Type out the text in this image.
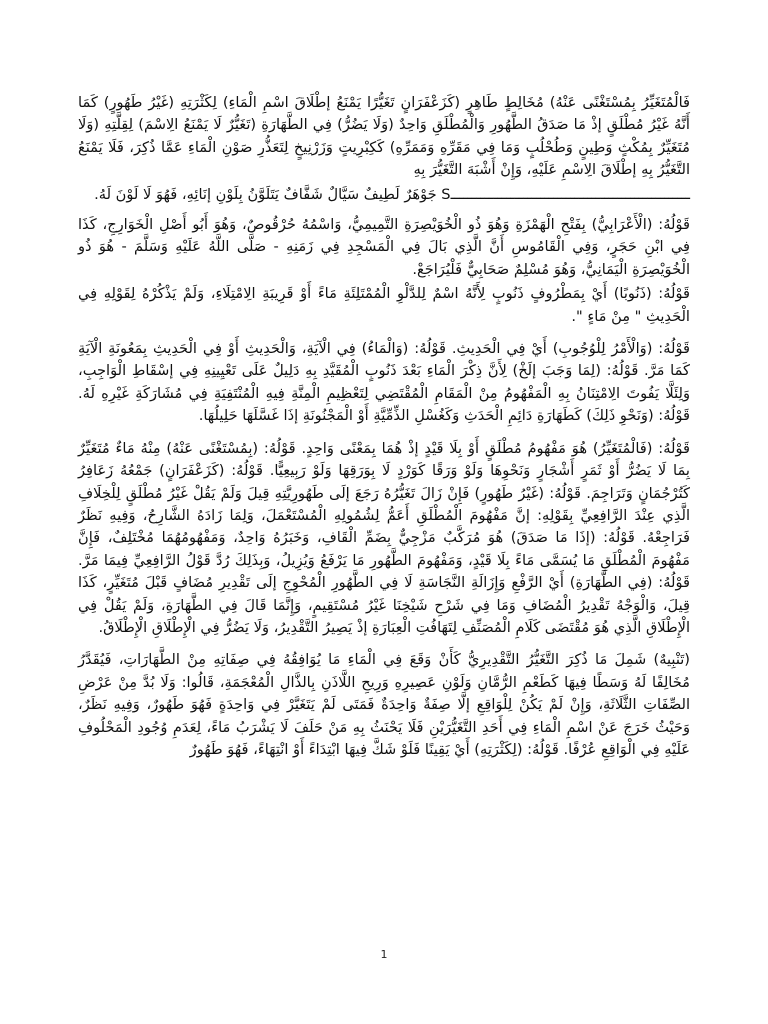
فَالْمُتَغَيِّرُ بِمُسْتَغْنًى عَنْهُ) مُخَالِطٍ طَاهِرٍ (كَزَعْفَرَانٍ تَغَيُّرًا يَمْنَعُ إطْلَاقَ اسْمِ الْمَاءِ) لِكَثْرَتِهِ (غَيْرُ طَهُورٍ) كَمَا أَنَّهُ غَيْرُ مُطْلَقٍ إذْ مَا صَدَقُ الطَّهُورِ وَالْمُطْلَقِ وَاحِدٌ (وَلَا يَضُرُّ) فِي الطَّهَارَةِ (تَغَيُّرٌ لَا يَمْنَعُ الِاسْمَ) لِقِلَّتِهِ (وَلَا مُتَغَيِّرٌ بِمُكْثٍ وَطِينٍ وَطُحْلُبٍ وَمَا فِي مَقَرِّهِ وَمَمَرِّهِ) كَكِبْرِيتٍ وَزَرْنِيخٍ لِتَعَذُّرِ صَوْنِ الْمَاءِ عَمَّا ذُكِرَ، فَلَا يَمْنَعُ التَّغَيُّرُ بِهِ إطْلَاقَ الِاسْمِ عَلَيْهِ، وَإِنْ أَشْبَهَ التَّغَيُّرَ بِهِ

ــــــــــــــــــــــــــــــــــــــــــــــــــــــــS جَوْهَرٌ لَطِيفٌ سَيَّالٌ شَفَّافٌ يَتَلَوَّنُ بِلَوْنِ إنَائِهِ، فَهُوَ لَا لَوْنَ لَهُ.

قَوْلُهُ: (الْأَعْرَابِيُّ) بِفَتْحِ الْهَمْزَةِ وَهُوَ ذُو الْخُوَيْصِرَةِ التَّمِيمِيُّ، وَاسْمُهُ حُرْقُوصٌ، وَهُوَ أَبُو أَصْلِ الْخَوَارِجِ، كَذَا فِي ابْنِ حَجَرٍ، وَفِي الْقَامُوسِ أَنَّ الَّذِي بَالَ فِي الْمَسْجِدِ فِي زَمَنِهِ - صَلَّى اللَّهُ عَلَيْهِ وَسَلَّمَ - هُوَ ذُو الْخُوَيْصِرَةِ الْيَمَانِيُّ، وَهُوَ مُسْلِمٌ صَحَابِيٌّ فَلْيُرَاجَعْ.

قَوْلُهُ: (ذَنُوبًا) أَيْ بِمَطْرُوفٍ ذَنُوبٍ لِأَنَّهُ اسْمٌ لِلدَّلْوِ الْمُمْتَلِئَةِ مَاءً أَوْ قَرِيبَةِ الِامْتِلَاءِ، وَلَمْ يَذْكُرْهُ لِقَوْلِهِ فِي الْحَدِيثِ " مِنْ مَاءٍ ".

قَوْلُهُ: (وَالْأَمْرُ لِلْوُجُوبِ) أَيْ فِي الْحَدِيثِ. قَوْلُهُ: (وَالْمَاءُ) فِي الْآيَةِ، وَالْحَدِيثِ أَوْ فِي الْحَدِيثِ بِمَعُونَةِ الْآيَةِ كَمَا مَرَّ. قَوْلُهُ: (لِمَا وَجَبَ إلَخْ) لِأَنَّ ذِكْرَ الْمَاءِ بَعْدَ ذَنُوبٍ الْمُقَيَّدِ بِهِ دَلِيلٌ عَلَى تَعْيِينِهِ فِي إسْقَاطِ الْوَاجِبِ، وَلِئَلَّا يَفُوتَ الِامْتِنَانُ بِهِ الْمَفْهُومُ مِنْ الْمَقَامِ الْمُقْتَضِي لِتَعْظِيمِ الْمِنَّةِ فِيهِ الْمُنْتَفِيَةِ فِي مُشَارَكَةِ غَيْرِهِ لَهُ. قَوْلُهُ: (وَنَحْوِ ذَلِكَ) كَطَهَارَةِ دَائِمِ الْحَدَثِ وَكَغُسْلِ الذِّمِّيَّةِ أَوْ الْمَجْنُونَةِ إذَا غَسَّلَهَا حَلِيلُهَا.

قَوْلُهُ: (فَالْمُتَغَيِّرُ) هُوَ مَفْهُومُ مُطْلَقٍ أَوْ بِلَا قَيْدٍ إذْ هُمَا بِمَعْنًى وَاحِدٍ. قَوْلُهُ: (بِمُسْتَغْنًى عَنْهُ) مِنْهُ مَاءٌ مُتَغَيِّرٌ بِمَا لَا يَضُرُّ أَوْ ثَمَرٍ أَشْجَارٍ وَنَحْوِهَا وَلَوْ وَرَقًا كَوَرْدٍ لَا بِوَرَقِهَا وَلَوْ رَبِيعِيًّا. قَوْلُهُ: (كَزَعْفَرَانٍ) جَمْعُهُ زَعَافِرُ كَتُرْجُمَانٍ وَتَرَاجِمَ. قَوْلُهُ: (غَيْرُ طَهُورٍ) فَإِنْ زَالَ تَغَيُّرُهُ رَجَعَ إلَى طَهُورِيَّتِهِ قِيلَ وَلَمْ يَقُلْ غَيْرُ مُطْلَقٍ لِلْخِلَافِ الَّذِي عِنْدَ الرَّافِعِيِّ بِقَوْلِهِ: إنَّ مَفْهُومَ الْمُطْلَقِ أَعَمُّ لِشُمُولِهِ الْمُسْتَعْمَلَ، وَلِمَا زَادَهُ الشَّارِحُ، وَفِيهِ نَظَرٌ فَرَاجِعْهُ. قَوْلُهُ: (إذَا مَا صَدَقَ) هُوَ مُرَكَّبٌ مَزْجِيٌّ بِضَمِّ الْقَافِ، وَخَبَرُهُ وَاحِدٌ، وَمَفْهُومُهُمَا مُخْتَلِفٌ، فَإِنَّ مَفْهُومَ الْمُطْلَقِ مَا يُسَمَّى مَاءً بِلَا قَيْدٍ، وَمَفْهُومَ الطَّهُورِ مَا يَرْفَعُ وَيُزِيلُ، وَبِذَلِكَ رُدَّ قَوْلُ الرَّافِعِيِّ فِيمَا مَرَّ. قَوْلُهُ: (فِي الطَّهَارَةِ) أَيْ الرَّفْعِ وَإِزَالَةِ النَّجَاسَةِ لَا فِي الطَّهُورِ الْمُحْوِجِ إلَى تَقْدِيرِ مُضَافٍ قَبْلَ مُتَغَيِّرٍ، كَذَا قِيلَ، وَالْوَجْهُ تَقْدِيرُ الْمُضَافِ وَمَا فِي شَرْحِ شَيْخِنَا غَيْرُ مُسْتَقِيمٍ، وَإِنَّمَا قَالَ فِي الطَّهَارَةِ، وَلَمْ يَقُلْ فِي الْإِطْلَاقِ الَّذِي هُوَ مُقْتَضَى كَلَامِ الْمُصَنِّفِ لِتَهَافُتِ الْعِبَارَةِ إذْ يَصِيرُ التَّقْدِيرُ، وَلَا يَضُرُّ فِي الْإِطْلَاقِ الْإِطْلَاقُ.

(تَنْبِيهٌ) شَمِلَ مَا ذُكِرَ التَّغَيُّرُ التَّقْدِيرِيُّ كَأَنْ وَقَعَ فِي الْمَاءِ مَا يُوَافِقُهُ فِي صِفَاتِهِ مِنْ الطَّهَارَاتِ، فَيُقَدَّرُ مُخَالِفًا لَهُ وَسَطًا فِيهَا كَطَعْمِ الرُّمَّانِ وَلَوْنِ عَصِيرِهِ وَرِيحِ اللَّاذَنِ بِالذَّالِ الْمُعْجَمَةِ، قَالُوا: وَلَا بُدَّ مِنْ عَرْضِ الصِّفَاتِ الثَّلَاثَةِ، وَإِنْ لَمْ يَكُنْ لِلْوَاقِعِ إلَّا صِفَةٌ وَاحِدَةٌ فَمَتَى لَمْ يَتَغَيَّرْ فِي وَاحِدَةٍ فَهُوَ طَهُورٌ، وَفِيهِ نَظَرٌ، وَحَيْثُ خَرَجَ عَنْ اسْمِ الْمَاءِ فِي أَحَدِ التَّغَيُّرَيْنِ فَلَا يَحْنَثُ بِهِ مَنْ حَلَفَ لَا يَشْرَبُ مَاءً، لِعَدَمِ وُجُودِ الْمَحْلُوفِ عَلَيْهِ فِي الْوَاقِعِ عُرْفًا. قَوْلُهُ: (لِكَثْرَتِهِ) أَيْ يَقِينًا فَلَوْ شَكَّ فِيهَا ابْتِدَاءً أَوْ انْتِهَاءً، فَهُوَ طَهُورٌ

1
